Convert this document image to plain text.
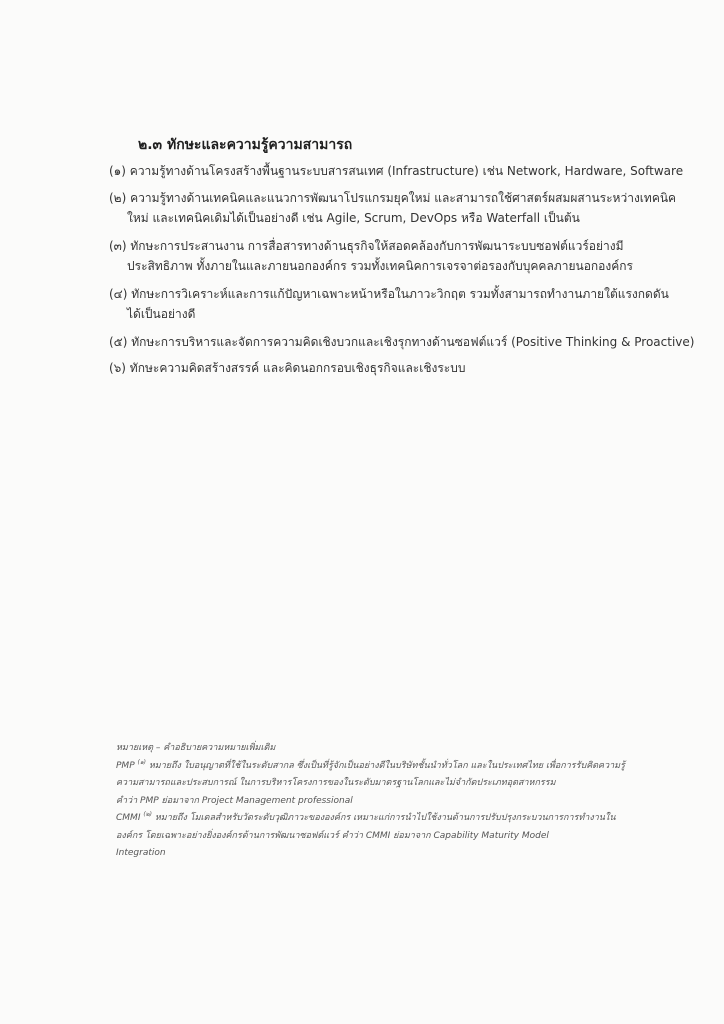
๒.๓ ทักษะและความรู้ความสามารถ
(๑) ความรู้ทางด้านโครงสร้างพื้นฐานระบบสารสนเทศ (Infrastructure) เช่น Network, Hardware, Software
(๒) ความรู้ทางด้านเทคนิคและแนวการพัฒนาโปรแกรมยุคใหม่ และสามารถใช้ศาสตร์ผสมผสานระหว่างเทคนิค
ใหม่ และเทคนิคเดิมได้เป็นอย่างดี เช่น Agile, Scrum, DevOps หรือ Waterfall เป็นต้น
(๓) ทักษะการประสานงาน การสื่อสารทางด้านธุรกิจให้สอดคล้องกับการพัฒนาระบบซอฟต์แวร์อย่างมี
ประสิทธิภาพ ทั้งภายในและภายนอกองค์กร รวมทั้งเทคนิคการเจรจาต่อรองกับบุคคลภายนอกองค์กร
(๔) ทักษะการวิเคราะห์และการแก้ปัญหาเฉพาะหน้าหรือในภาวะวิกฤต รวมทั้งสามารถทำงานภายใต้แรงกดดัน
ได้เป็นอย่างดี
(๕) ทักษะการบริหารและจัดการความคิดเชิงบวกและเชิงรุกทางด้านซอฟต์แวร์ (Positive Thinking & Proactive)
(๖) ทักษะความคิดสร้างสรรค์ และคิดนอกกรอบเชิงธุรกิจและเชิงระบบ
หมายเหตุ – คำอธิบายความหมายเพิ่มเติม
PMP $^{(๑)}$ หมายถึง ใบอนุญาตที่ใช้ในระดับสากล ซึ่งเป็นที่รู้จักเป็นอย่างดีในบริษัทชั้นนำทั่วโลก และในประเทศไทย เพื่อการรับคิดความรู้
ความสามารถและประสบการณ์ ในการบริหารโครงการของในระดับมาตรฐานโลกและไม่จำกัดประเภทอุตสาหกรรม
คำว่า PMP ย่อมาจาก Project Management professional
CMMI $^{(๒)}$ หมายถึง โมเดลสำหรับวัดระดับวุฒิภาวะขององค์กร เหมาะแก่การนำไปใช้งานด้านการปรับปรุงกระบวนการการทำงานใน
องค์กร โดยเฉพาะอย่างยิ่งองค์กรด้านการพัฒนาซอฟต์แวร์ คำว่า CMMI ย่อมาจาก Capability Maturity Model
Integration
